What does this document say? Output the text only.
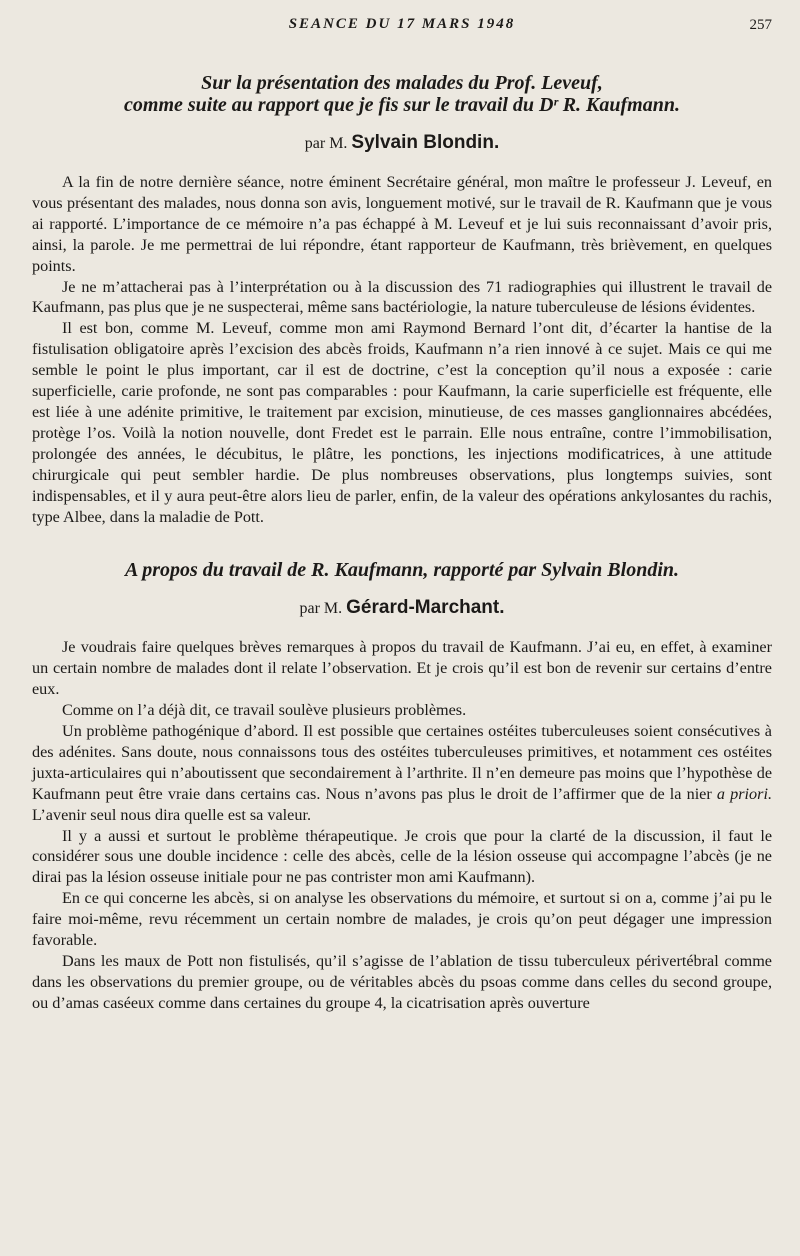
SEANCE DU 17 MARS 1948	257
Sur la présentation des malades du Prof. Leveuf,
comme suite au rapport que je fis sur le travail du Dʳ R. Kaufmann.
par M. Sylvain Blondin.

A la fin de notre dernière séance, notre éminent Secrétaire général, mon maître le professeur J. Leveuf, en vous présentant des malades, nous donna son avis, longuement motivé, sur le travail de R. Kaufmann que je vous ai rapporté. L’importance de ce mémoire n’a pas échappé à M. Leveuf et je lui suis reconnaissant d’avoir pris, ainsi, la parole. Je me permettrai de lui répondre, étant rapporteur de Kaufmann, très brièvement, en quelques points.

Je ne m’attacherai pas à l’interprétation ou à la discussion des 71 radiographies qui illustrent le travail de Kaufmann, pas plus que je ne suspecterai, même sans bactériologie, la nature tuberculeuse de lésions évidentes.

Il est bon, comme M. Leveuf, comme mon ami Raymond Bernard l’ont dit, d’écarter la hantise de la fistulisation obligatoire après l’excision des abcès froids, Kaufmann n’a rien innové à ce sujet. Mais ce qui me semble le point le plus important, car il est de doctrine, c’est la conception qu’il nous a exposée : carie superficielle, carie profonde, ne sont pas comparables : pour Kaufmann, la carie superficielle est fréquente, elle est liée à une adénite primitive, le traitement par excision, minutieuse, de ces masses ganglionnaires abcédées, protège l’os. Voilà la notion nouvelle, dont Fredet est le parrain. Elle nous entraîne, contre l’immobilisation, prolongée des années, le décubitus, le plâtre, les ponctions, les injections modificatrices, à une attitude chirurgicale qui peut sembler hardie. De plus nombreuses observations, plus longtemps suivies, sont indispensables, et il y aura peut-être alors lieu de parler, enfin, de la valeur des opérations ankylosantes du rachis, type Albee, dans la maladie de Pott.

A propos du travail de R. Kaufmann, rapporté par Sylvain Blondin.
par M. Gérard-Marchant.

Je voudrais faire quelques brèves remarques à propos du travail de Kaufmann. J’ai eu, en effet, à examiner un certain nombre de malades dont il relate l’observation. Et je crois qu’il est bon de revenir sur certains d’entre eux.

Comme on l’a déjà dit, ce travail soulève plusieurs problèmes.

Un problème pathogénique d’abord. Il est possible que certaines ostéites tuberculeuses soient consécutives à des adénites. Sans doute, nous connaissons tous des ostéites tuberculeuses primitives, et notamment ces ostéites juxta-articulaires qui n’aboutissent que secondairement à l’arthrite. Il n’en demeure pas moins que l’hypothèse de Kaufmann peut être vraie dans certains cas. Nous n’avons pas plus le droit de l’affirmer que de la nier a priori. L’avenir seul nous dira quelle est sa valeur.

Il y a aussi et surtout le problème thérapeutique. Je crois que pour la clarté de la discussion, il faut le considérer sous une double incidence : celle des abcès, celle de la lésion osseuse qui accompagne l’abcès (je ne dirai pas la lésion osseuse initiale pour ne pas contrister mon ami Kaufmann).

En ce qui concerne les abcès, si on analyse les observations du mémoire, et surtout si on a, comme j’ai pu le faire moi-même, revu récemment un certain nombre de malades, je crois qu’on peut dégager une impression favorable.

Dans les maux de Pott non fistulisés, qu’il s’agisse de l’ablation de tissu tuberculeux périvertébral comme dans les observations du premier groupe, ou de véritables abcès du psoas comme dans celles du second groupe, ou d’amas caséeux comme dans certaines du groupe 4, la cicatrisation après ouverture
